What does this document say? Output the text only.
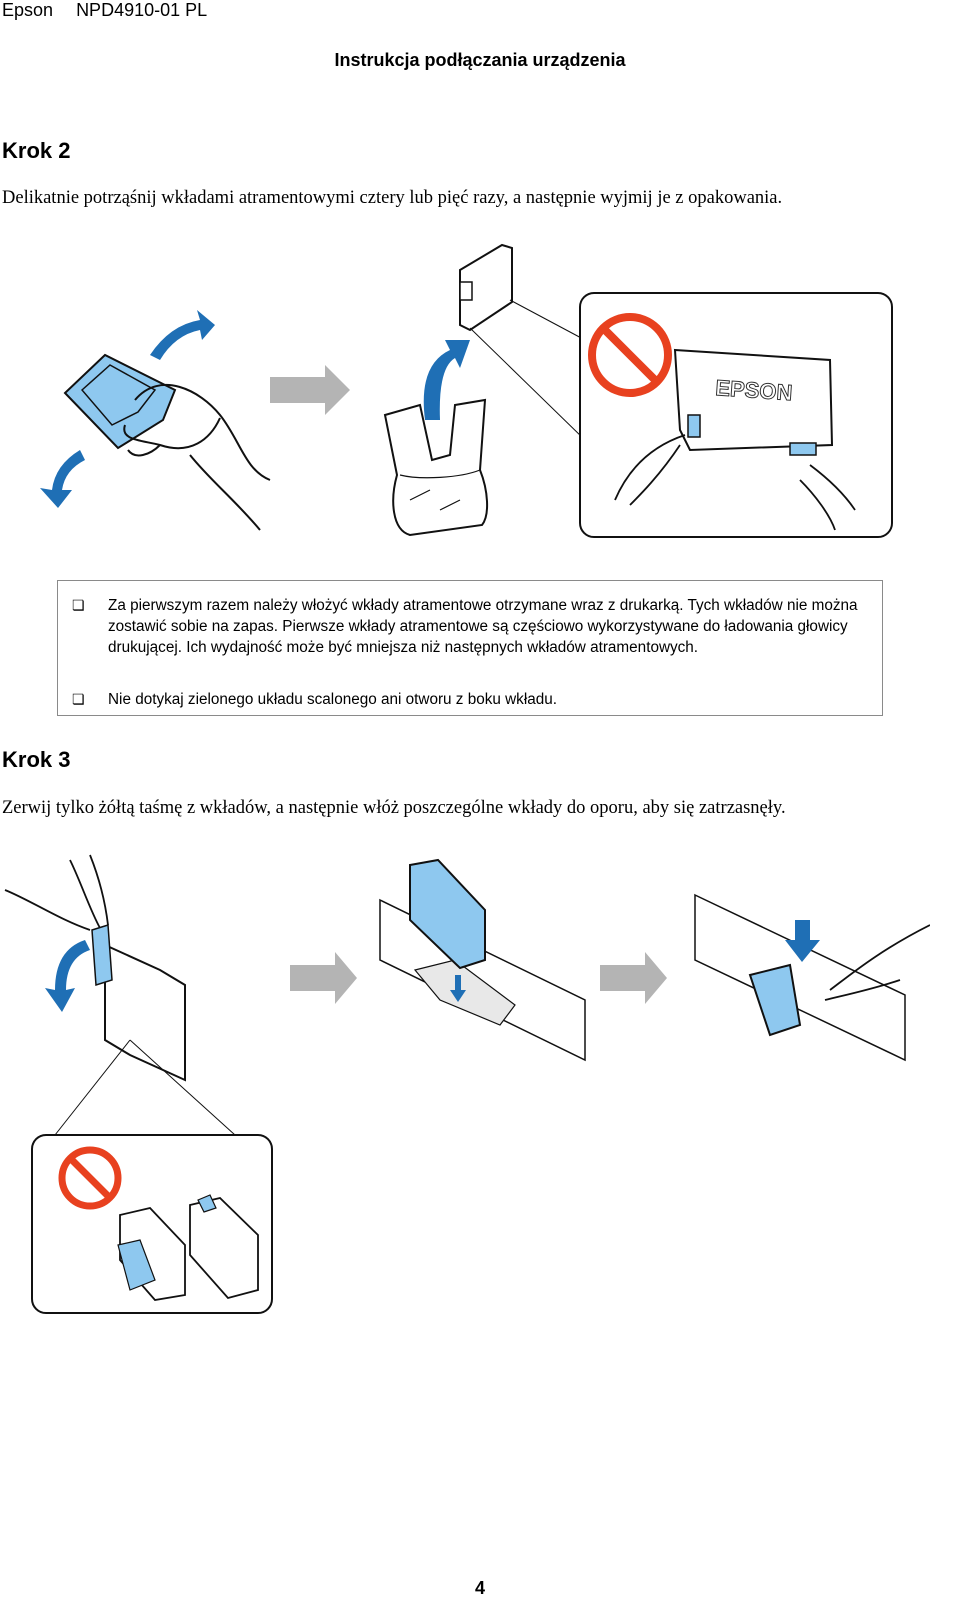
Epson NPD4910-01 PL
Instrukcja podłączania urządzenia
Krok 2
Delikatnie potrząśnij wkładami atramentowymi cztery lub pięć razy, a następnie wyjmij je z opakowania.
EPSON
❏ Za pierwszym razem należy włożyć wkłady atramentowe otrzymane wraz z drukarką. Tych wkładów nie można zostawić sobie na zapas. Pierwsze wkłady atramentowe są częściowo wykorzystywane do ładowania głowicy drukującej. Ich wydajność może być mniejsza niż następnych wkładów atramentowych.
❏ Nie dotykaj zielonego układu scalonego ani otworu z boku wkładu.
Krok 3
Zerwij tylko żółtą taśmę z wkładów, a następnie włóż poszczególne wkłady do oporu, aby się zatrzasnęły.
4
